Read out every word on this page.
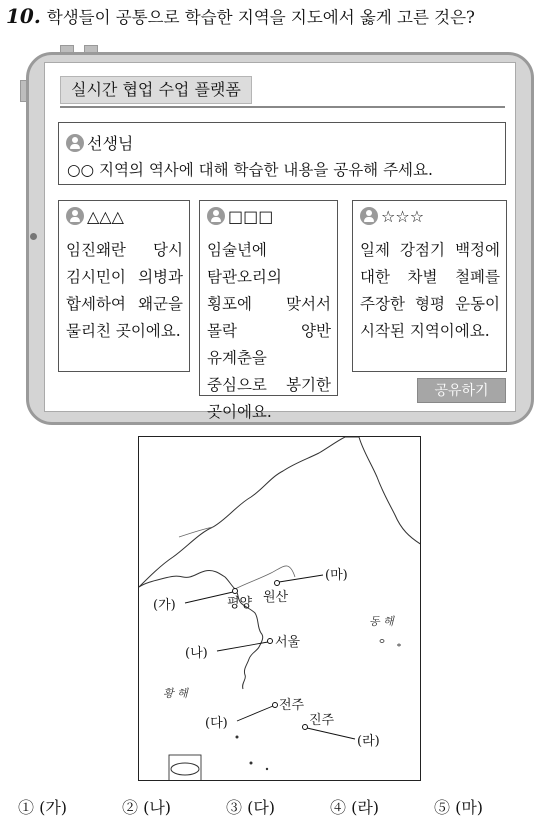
10. 학생들이 공통으로 학습한 지역을 지도에서 옳게 고른 것은?
실시간 협업 수업 플랫폼
선생님
○○ 지역의 역사에 대해 학습한 내용을 공유해 주세요.
△△△
임진왜란 당시 김시민이 의병과 합세하여 왜군을 물리친 곳이에요.
□□□
임술년에 탐관오리의 횡포에 맞서서 몰락 양반 유계춘을 중심으로 봉기한 곳이에요.
☆☆☆
일제 강점기 백정에 대한 차별 철폐를 주장한 형평 운동이 시작된 지역이에요.
공유하기
동 해
황 해
(마)
원산
(가)	평양
(나)
서울
(다)
전주
(라)
진주
① (가)	② (나)	③ (다)	④ (라)	⑤ (마)
